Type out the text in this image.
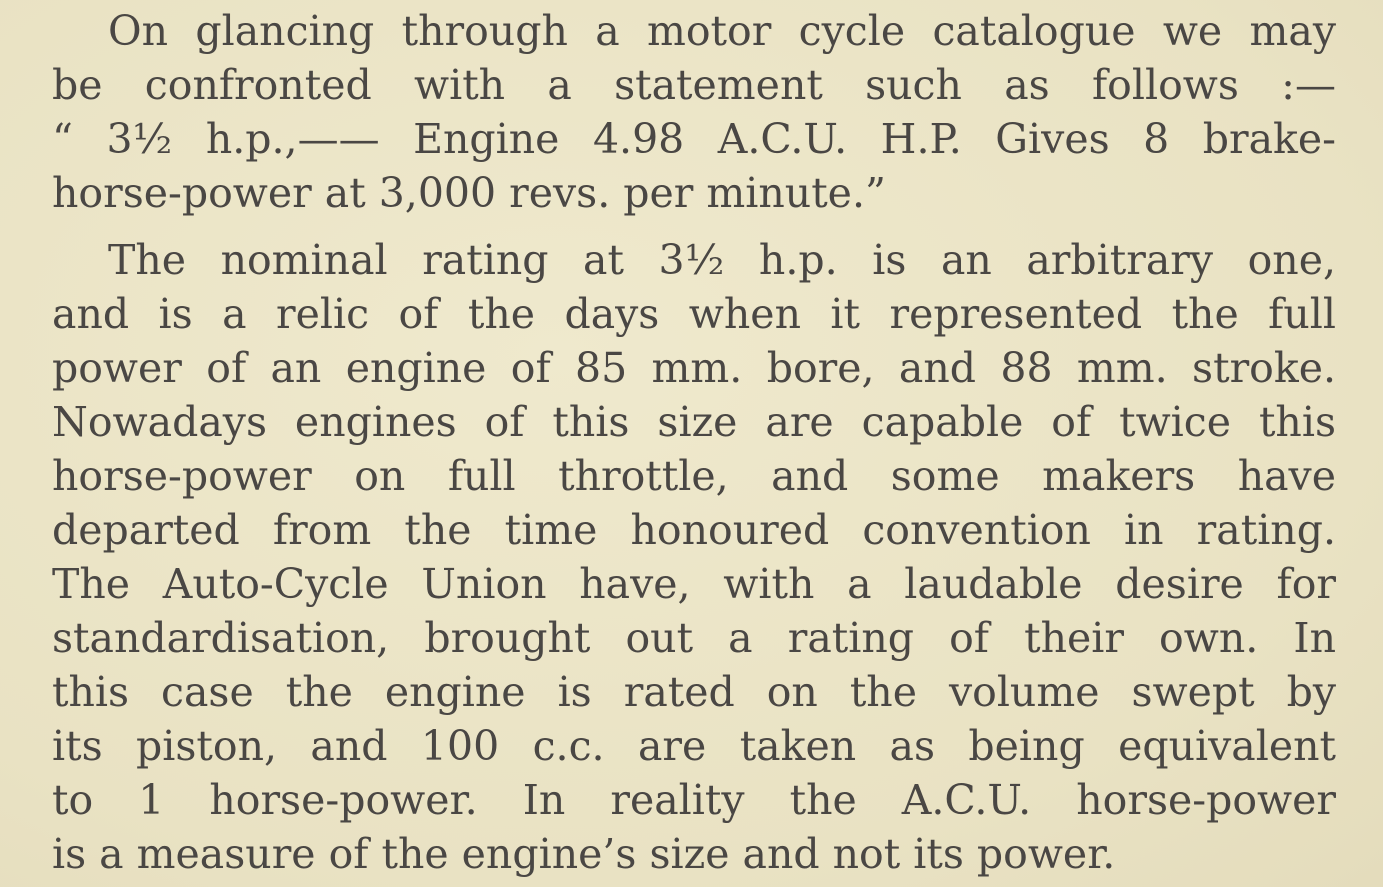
On glancing through a motor cycle catalogue we may
be confronted with a statement such as follows :—
“ 3½ h.p.,—— Engine 4.98 A.C.U. H.P. Gives 8 brake-
horse-power at 3,000 revs. per minute.”
The nominal rating at 3½ h.p. is an arbitrary one,
and is a relic of the days when it represented the full
power of an engine of 85 mm. bore, and 88 mm. stroke.
Nowadays engines of this size are capable of twice this
horse-power on full throttle, and some makers have
departed from the time honoured convention in rating.
The Auto-Cycle Union have, with a laudable desire for
standardisation, brought out a rating of their own. In
this case the engine is rated on the volume swept by
its piston, and 100 c.c. are taken as being equivalent
to 1 horse-power. In reality the A.C.U. horse-power
is a measure of the engine’s size and not its power.
